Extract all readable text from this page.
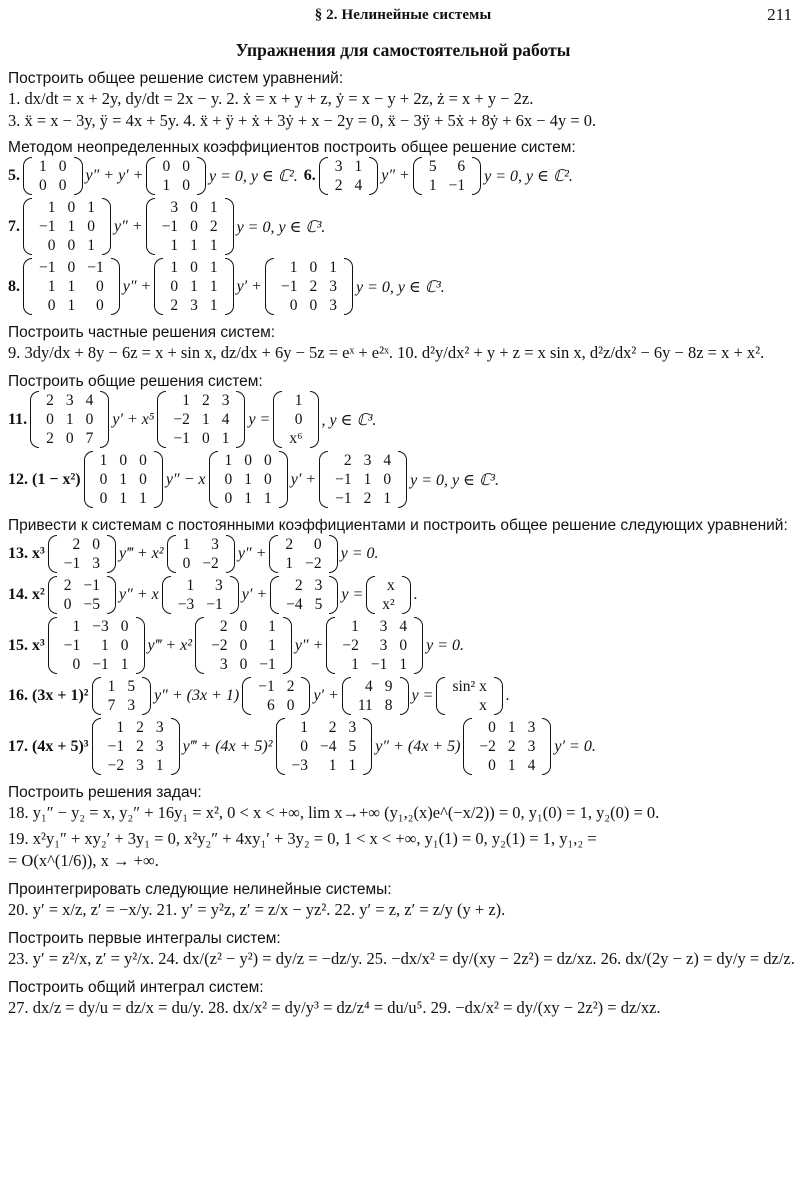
§ 2. Нелинейные системы	211
Упражнения для самостоятельной работы

Построить общее решение систем уравнений:

1. dx/dt = x + 2y, dy/dt = 2x − y. 2. ẋ = x + y + z, ẏ = x − y + 2z, ż = x + y − 2z.
3. ẍ = x − 3y, ÿ = 4x + 5y. 4. ẍ + ÿ + ẋ + 3ẏ + x − 2y = 0, ẍ − 3ÿ + 5ẋ + 8ẏ + 6x − 4y = 0.

Методом неопределенных коэффициентов построить общее решение систем:

5.
1	0
0	0
y″ + y′ +
0	0
1	0
y = 0, y ∈ ℂ². 6.
3	1
2	4
y″ +
5	6
1	−1
y = 0, y ∈ ℂ².
7.
1	0	1
−1	1	0
0	0	1
y″ +
3	0	1
−1	0	2
1	1	1
y = 0, y ∈ ℂ³.
8.
−1	0	−1
1	1	0
0	1	0
y″ +
1	0	1
0	1	1
2	3	1
y′ +
1	0	1
−1	2	3
0	0	3
y = 0, y ∈ ℂ³.

Построить частные решения систем:

9. 3dy/dx + 8y − 6z = x + sin x, dz/dx + 6y − 5z = eˣ + e²ˣ. 10. d²y/dx² + y + z = x sin x, d²z/dx² − 6y − 8z = x + x².

Построить общие решения систем:

11.
2	3	4
0	1	0
2	0	7
y′ + x⁵
1	2	3
−2	1	4
−1	0	1
y =
1
0
x⁶
, y ∈ ℂ³.
12. (1 − x²)
1	0	0
0	1	0
0	1	1
y″ − x
1	0	0
0	1	0
0	1	1
y′ +
2	3	4
−1	1	0
−1	2	1
y = 0, y ∈ ℂ³.

Привести к системам с постоянными коэффициентами и построить общее решение следующих уравнений:

13. x³
2	0
−1	3
y‴ + x²
1	3
0	−2
y″ +
2	0
1	−2
y = 0.
14. x²
2	−1
0	−5
y″ + x
1	3
−3	−1
y′ +
2	3
−4	5
y =
x
x²
.
15. x³
1	−3	0
−1	1	0
0	−1	1
y‴ + x²
2	0	1
−2	0	1
3	0	−1
y″ +
1	3	4
−2	3	0
1	−1	1
y = 0.
16. (3x + 1)²
1	5
7	3
y″ + (3x + 1)
−1	2
6	0
y′ +
4	9
11	8
y =
sin² x
x
.
17. (4x + 5)³
1	2	3
−1	2	3
−2	3	1
y‴ + (4x + 5)²
1	2	3
0	−4	5
−3	1	1
y″ + (4x + 5)
0	1	3
−2	2	3
0	1	4
y′ = 0.

Построить решения задач:

18. y₁″ − y₂ = x, y₂″ + 16y₁ = x², 0 < x < +∞, lim x→+∞ (y₁,₂(x)e^(−x/2)) = 0, y₁(0) = 1, y₂(0) = 0.
19. x²y₁″ + xy₂′ + 3y₁ = 0, x²y₂″ + 4xy₁′ + 3y₂ = 0, 1 < x < +∞, y₁(1) = 0, y₂(1) = 1, y₁,₂ =
= O(x^(1/6)), x → +∞.

Проинтегрировать следующие нелинейные системы:

20. y′ = x/z, z′ = −x/y. 21. y′ = y²z, z′ = z/x − yz². 22. y′ = z, z′ = z/y (y + z).

Построить первые интегралы систем:

23. y′ = z²/x, z′ = y²/x. 24. dx/(z² − y²) = dy/z = −dz/y. 25. −dx/x² = dy/(xy − 2z²) = dz/xz. 26. dx/(2y − z) = dy/y = dz/z.

Построить общий интеграл систем:

27. dx/z = dy/u = dz/x = du/y. 28. dx/x² = dy/y³ = dz/z⁴ = du/u⁵. 29. −dx/x² = dy/(xy − 2z²) = dz/xz.
